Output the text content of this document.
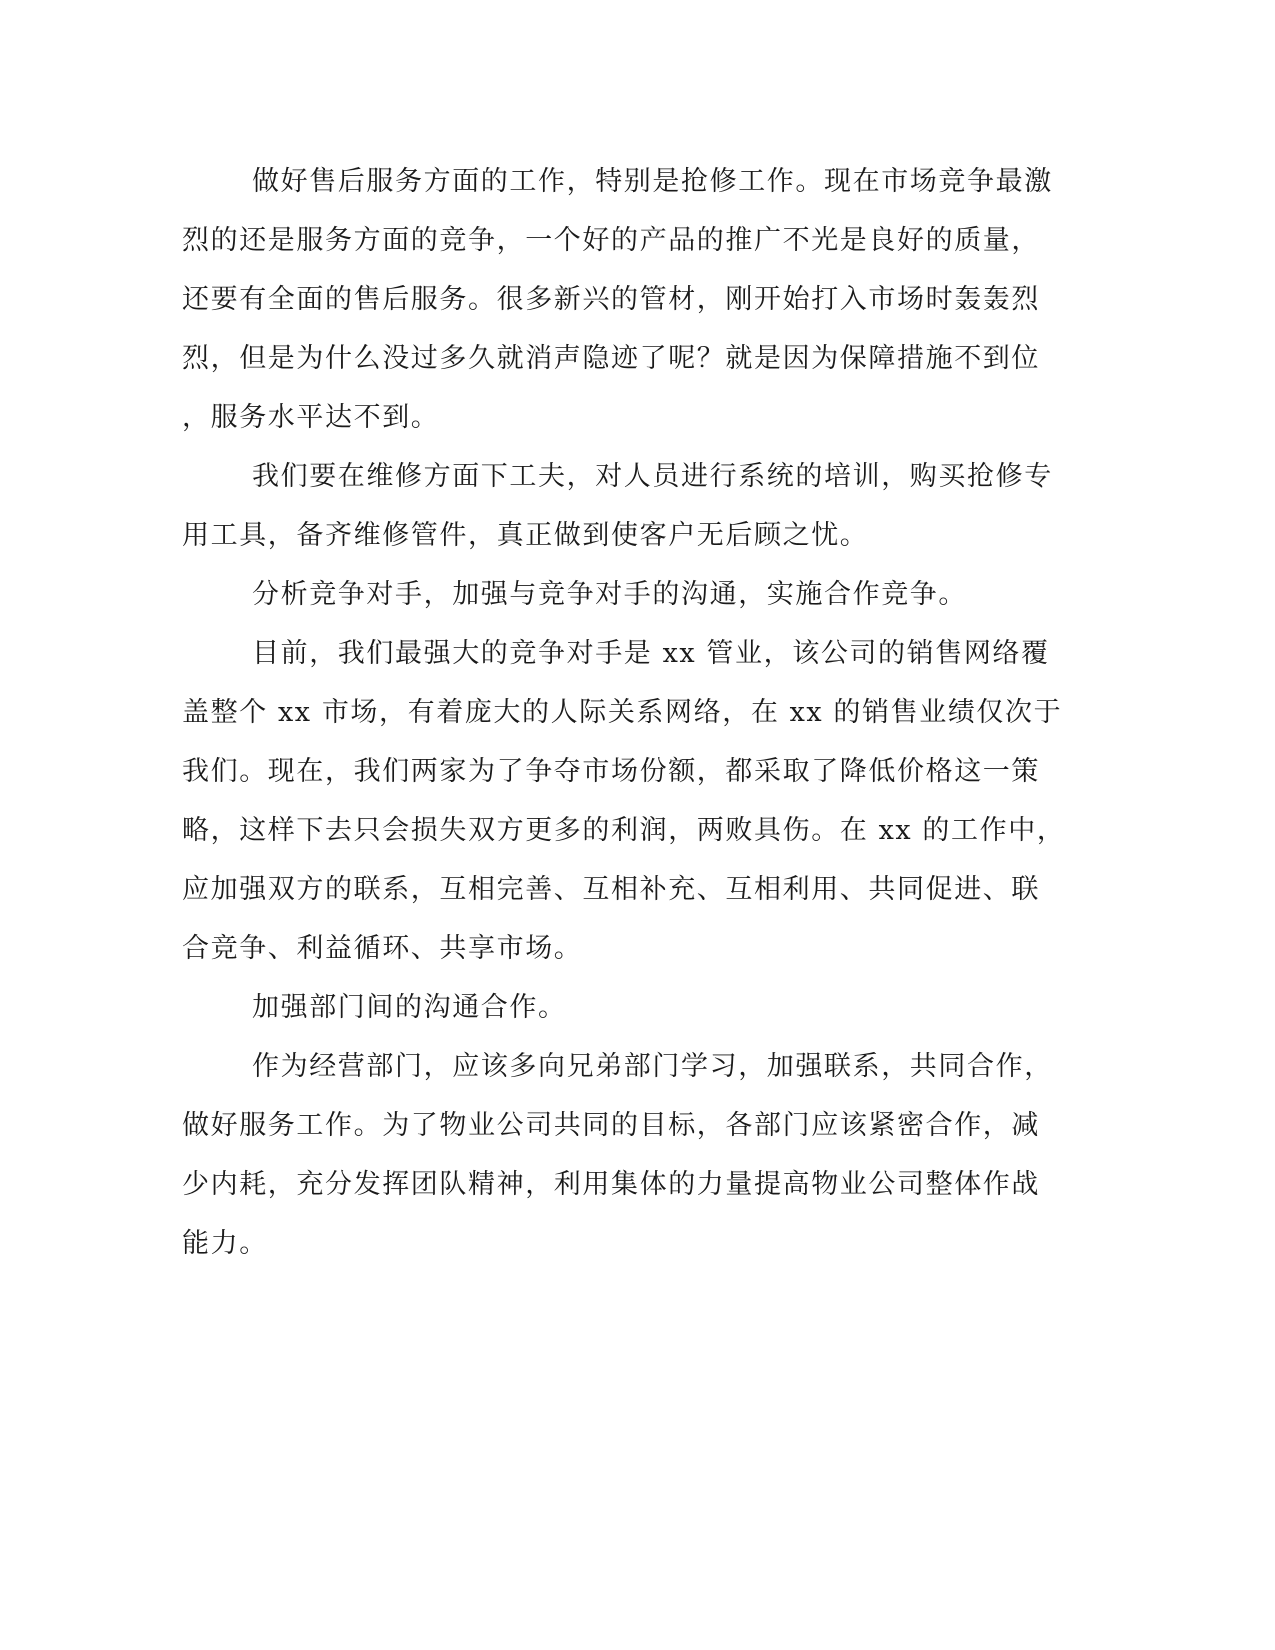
做好售后服务方面的工作，特别是抢修工作。现在市场竞争最激
烈的还是服务方面的竞争，一个好的产品的推广不光是良好的质量，
还要有全面的售后服务。很多新兴的管材，刚开始打入市场时轰轰烈
烈，但是为什么没过多久就消声隐迹了呢？就是因为保障措施不到位
，服务水平达不到。
我们要在维修方面下工夫，对人员进行系统的培训，购买抢修专
用工具，备齐维修管件，真正做到使客户无后顾之忧。
分析竞争对手，加强与竞争对手的沟通，实施合作竞争。
目前，我们最强大的竞争对手是 xx 管业，该公司的销售网络覆
盖整个 xx 市场，有着庞大的人际关系网络，在 xx 的销售业绩仅次于
我们。现在，我们两家为了争夺市场份额，都采取了降低价格这一策
略，这样下去只会损失双方更多的利润，两败具伤。在 xx 的工作中，
应加强双方的联系，互相完善、互相补充、互相利用、共同促进、联
合竞争、利益循环、共享市场。
加强部门间的沟通合作。
作为经营部门，应该多向兄弟部门学习，加强联系，共同合作，
做好服务工作。为了物业公司共同的目标，各部门应该紧密合作，减
少内耗，充分发挥团队精神，利用集体的力量提高物业公司整体作战
能力。
